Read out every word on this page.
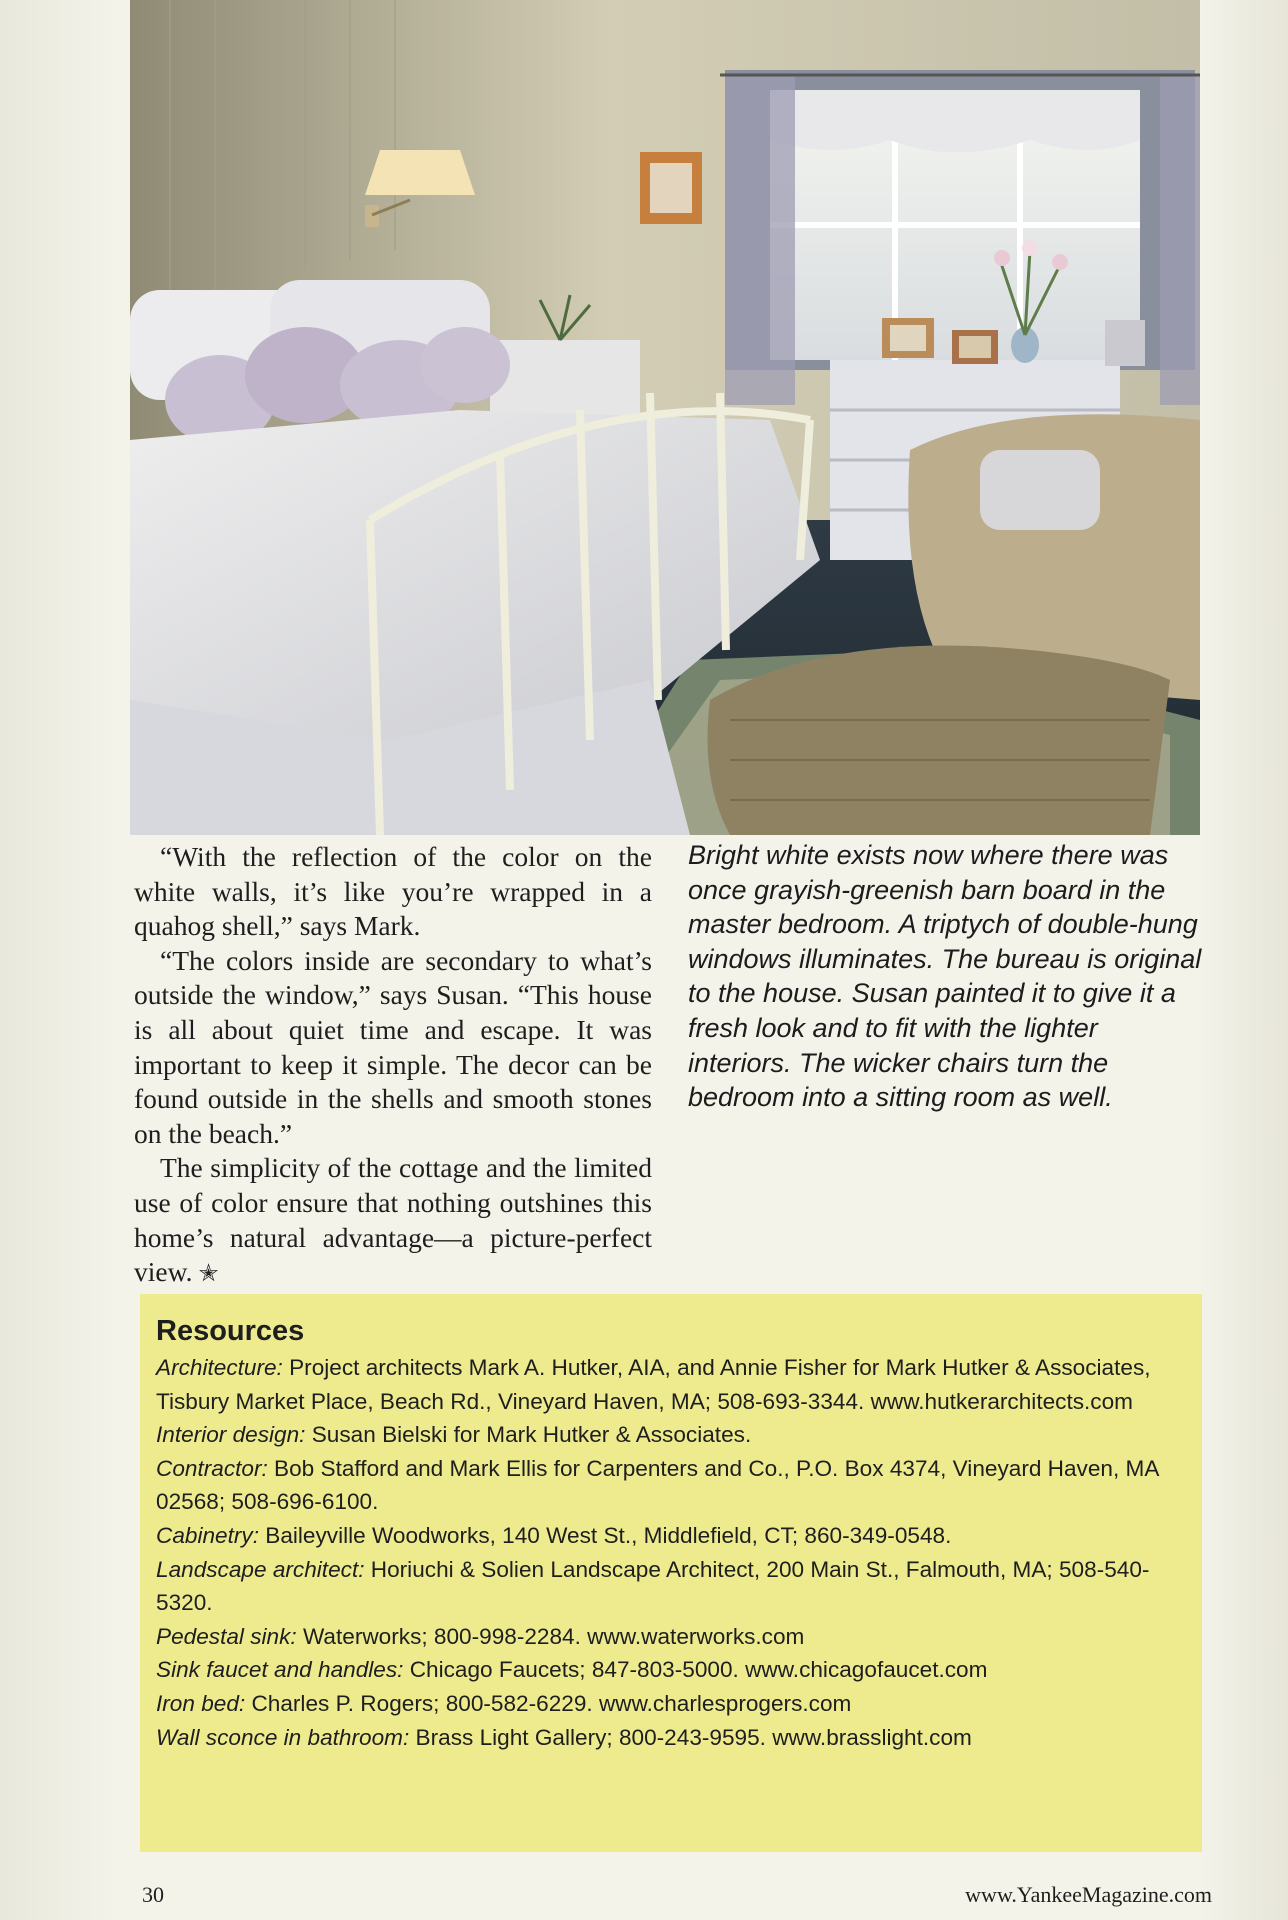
“With the reflection of the color on the white walls, it’s like you’re wrapped in a quahog shell,” says Mark.

“The colors inside are secondary to what’s outside the window,” says Susan. “This house is all about quiet time and escape. It was important to keep it simple. The decor can be found outside in the shells and smooth stones on the beach.”

The simplicity of the cottage and the limited use of color ensure that nothing outshines this home’s natural advantage—a picture-perfect view. ✭

Bright white exists now where there was once grayish-greenish barn board in the master bedroom. A triptych of double-hung windows illuminates. The bureau is original to the house. Susan painted it to give it a fresh look and to fit with the lighter interiors. The wicker chairs turn the bedroom into a sitting room as well.

Resources
Architecture: Project architects Mark A. Hutker, AIA, and Annie Fisher for Mark Hutker & Associates, Tisbury Market Place, Beach Rd., Vineyard Haven, MA; 508-693-3344. www.hutkerarchitects.com
Interior design: Susan Bielski for Mark Hutker & Associates.
Contractor: Bob Stafford and Mark Ellis for Carpenters and Co., P.O. Box 4374, Vineyard Haven, MA 02568; 508-696-6100.
Cabinetry: Baileyville Woodworks, 140 West St., Middlefield, CT; 860-349-0548.
Landscape architect: Horiuchi & Solien Landscape Architect, 200 Main St., Falmouth, MA; 508-540-5320.
Pedestal sink: Waterworks; 800-998-2284. www.waterworks.com
Sink faucet and handles: Chicago Faucets; 847-803-5000. www.chicagofaucet.com
Iron bed: Charles P. Rogers; 800-582-6229. www.charlesprogers.com
Wall sconce in bathroom: Brass Light Gallery; 800-243-9595. www.brasslight.com
30	www.YankeeMagazine.com
